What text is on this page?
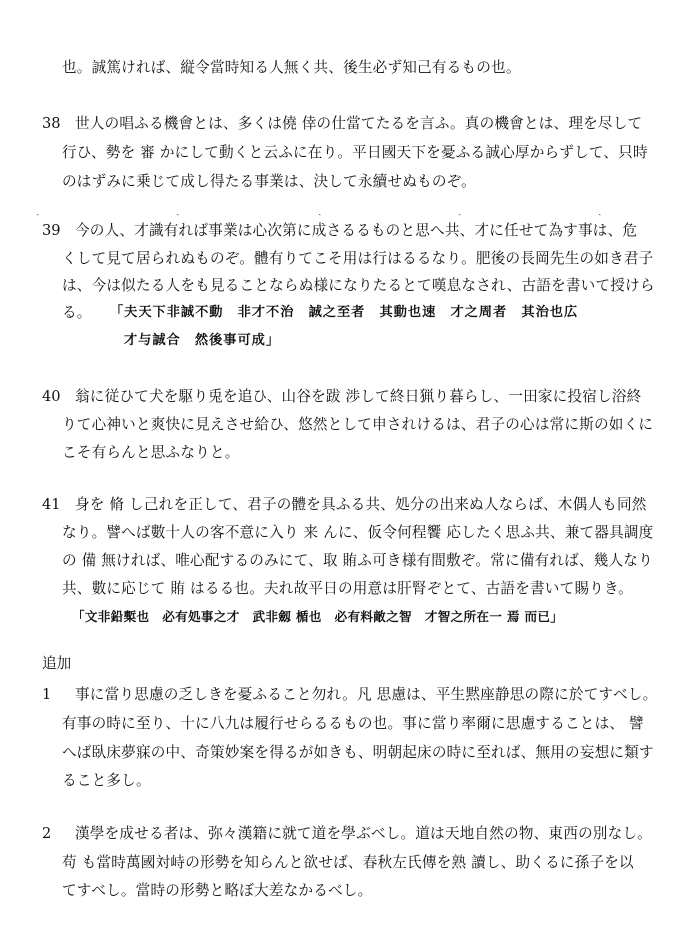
也。誠篤ければ、縦令當時知る人無く共、後生必ず知己有るもの也。
38 世人の唱ふる機會とは、多くは僥 倖の仕當てたるを言ふ。真の機會とは、理を尽して
行ひ、勢を 審 かにして動くと云ふに在り。平日國天下を憂ふる誠心厚からずして、只時
のはずみに乗じて成し得たる事業は、決して永續せぬものぞ。
ˎ	ˎ	ˎ	ˎ	ˎ
39 今の人、才識有れば事業は心次第に成さるるものと思へ共、才に任せて為す事は、危
くして見て居られぬものぞ。體有りてこそ用は行はるるなり。肥後の長岡先生の如き君子
は、今は似たる人をも見ることならぬ様になりたるとて嘆息なされ、古語を書いて授けら
る。	「夫天下非誠不動　非才不治　誠之至者　其動也速　才之周者　其治也広
才与誠合　然後事可成」
40 翁に従ひて犬を駆り兎を追ひ、山谷を跋 渉して終日猟り暮らし、一田家に投宿し浴終
りて心神いと爽快に見えさせ給ひ、悠然として申されけるは、君子の心は常に斯の如くに
こそ有らんと思ふなりと。
41 身を 脩 し己れを正して、君子の體を具ふる共、処分の出来ぬ人ならば、木偶人も同然
なり。譬へば數十人の客不意に入り 来 んに、仮令何程饗 応したく思ふ共、兼て器具調度
の 備 無ければ、唯心配するのみにて、取 賄ふ可き様有間敷ぞ。常に備有れば、幾人なり
共、數に応じて 賄 はるる也。夫れ故平日の用意は肝腎ぞとて、古語を書いて賜りき。
「文非鉛槧也　必有処事之才　武非劔 楯也　必有料敵之智　才智之所在一 焉 而已」
追加
1 事に當り思慮の乏しきを憂ふること勿れ。凡 思慮は、平生黙座静思の際に於てすべし。
有事の時に至り、十に八九は履行せらるるもの也。事に當り率爾に思慮することは、 譬
へば臥床夢寐の中、奇策妙案を得るが如きも、明朝起床の時に至れば、無用の妄想に類す
ること多し。
2 漢學を成せる者は、弥々漢籍に就て道を學ぶべし。道は天地自然の物、東西の別なし。
苟 も當時萬國対峙の形勢を知らんと欲せば、春秋左氏傳を熟 讀し、助くるに孫子を以
てすべし。當時の形勢と略ぼ大差なかるべし。
